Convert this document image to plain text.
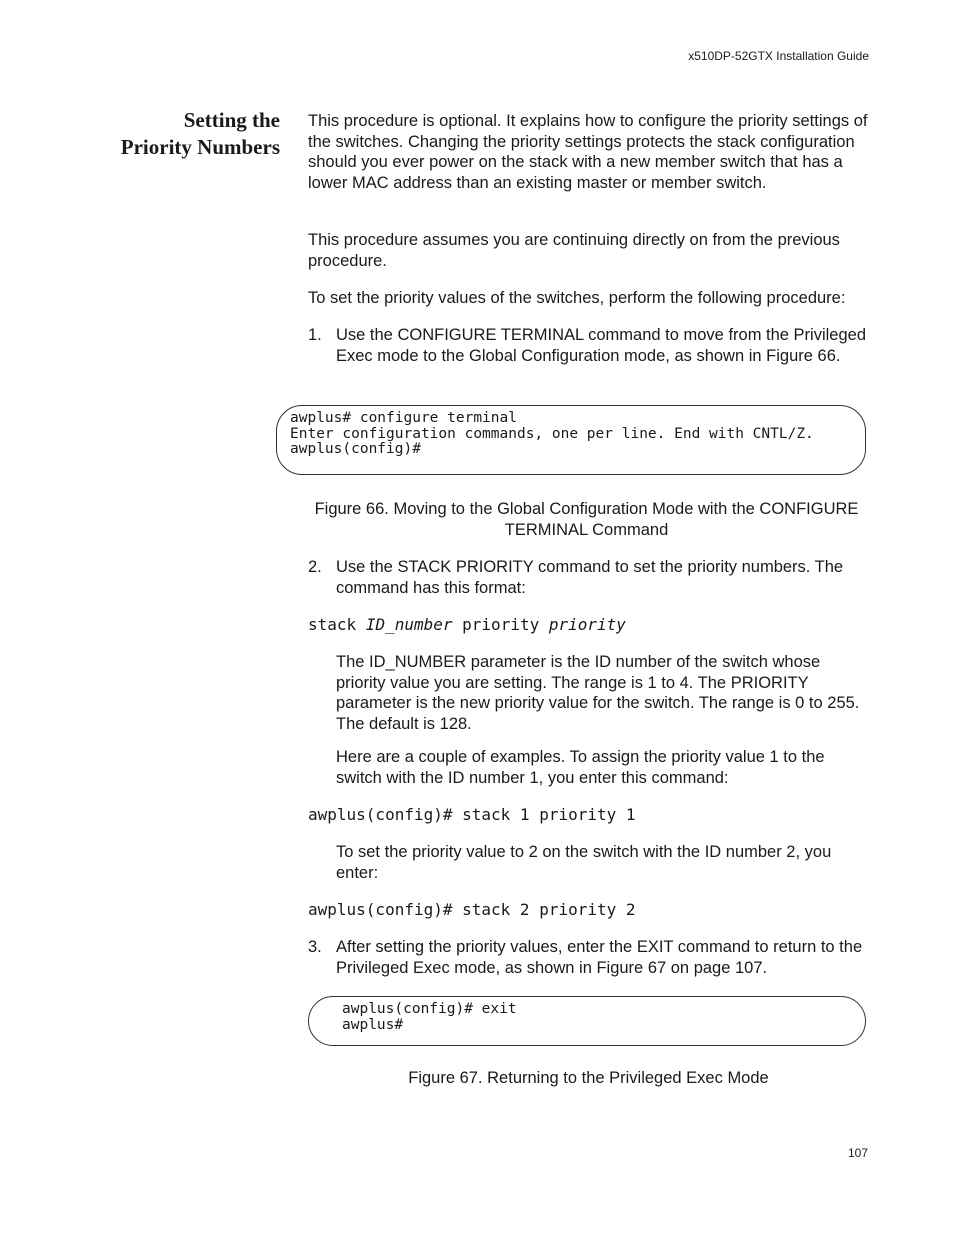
x510DP-52GTX Installation Guide
Setting the
Priority Numbers
This procedure is optional. It explains how to configure the priority settings of the switches. Changing the priority settings protects the stack configuration should you ever power on the stack with a new member switch that has a lower MAC address than an existing master or member switch.
This procedure assumes you are continuing directly on from the previous procedure.
To set the priority values of the switches, perform the following procedure:
1. Use the CONFIGURE TERMINAL command to move from the Privileged Exec mode to the Global Configuration mode, as shown in Figure 66.
awplus# configure terminal
Enter configuration commands, one per line. End with CNTL/Z.
awplus(config)#
Figure 66. Moving to the Global Configuration Mode with the CONFIGURE
TERMINAL Command
2. Use the STACK PRIORITY command to set the priority numbers. The command has this format:
stack ID_number priority priority
The ID_NUMBER parameter is the ID number of the switch whose priority value you are setting. The range is 1 to 4. The PRIORITY parameter is the new priority value for the switch. The range is 0 to 255. The default is 128.
Here are a couple of examples. To assign the priority value 1 to the switch with the ID number 1, you enter this command:
awplus(config)# stack 1 priority 1
To set the priority value to 2 on the switch with the ID number 2, you enter:
awplus(config)# stack 2 priority 2
3. After setting the priority values, enter the EXIT command to return to the Privileged Exec mode, as shown in Figure 67 on page 107.
awplus(config)# exit
awplus#
Figure 67. Returning to the Privileged Exec Mode
107
